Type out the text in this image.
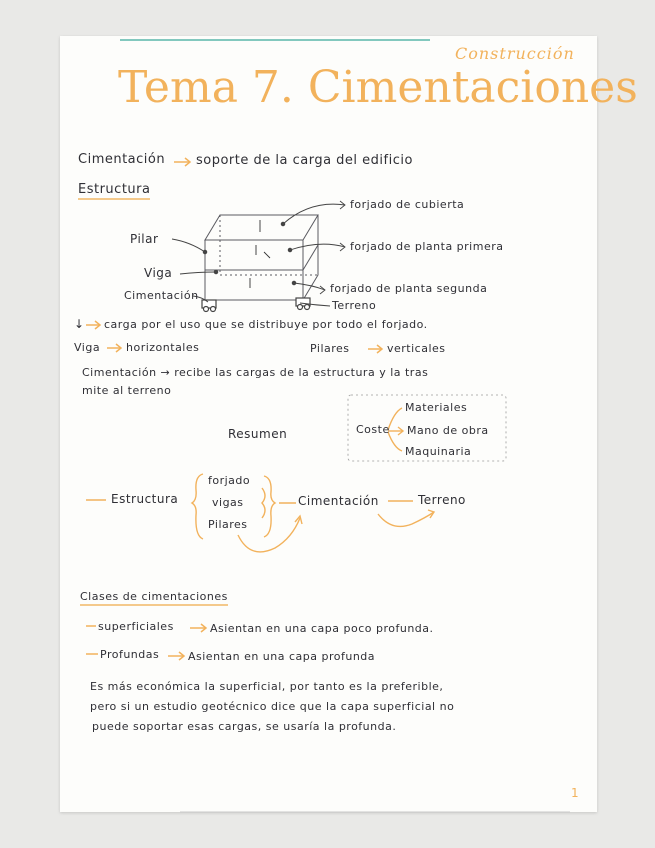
Construcción
Tema 7. Cimentaciones
Cimentación soporte de la carga del edificio
Estructura
Pilar
Viga
Cimentación
forjado de cubierta
forjado de planta primera
forjado de planta segunda
Terreno
↓ carga por el uso que se distribuye por todo el forjado.
Viga horizontales	Pilares	verticales
Cimentación → recibe las cargas de la estructura y la tras
mite al terreno
Coste
Materiales
Mano de obra
Maquinaria
Resumen
Estructura
forjado
vigas
Pilares
Cimentación	Terreno
Clases de cimentaciones
superficiales	Asientan en una capa poco profunda.
Profundas	Asientan en una capa profunda
Es más económica la superficial, por tanto es la preferible,
pero si un estudio geotécnico dice que la capa superficial no
puede soportar esas cargas, se usaría la profunda.
1
